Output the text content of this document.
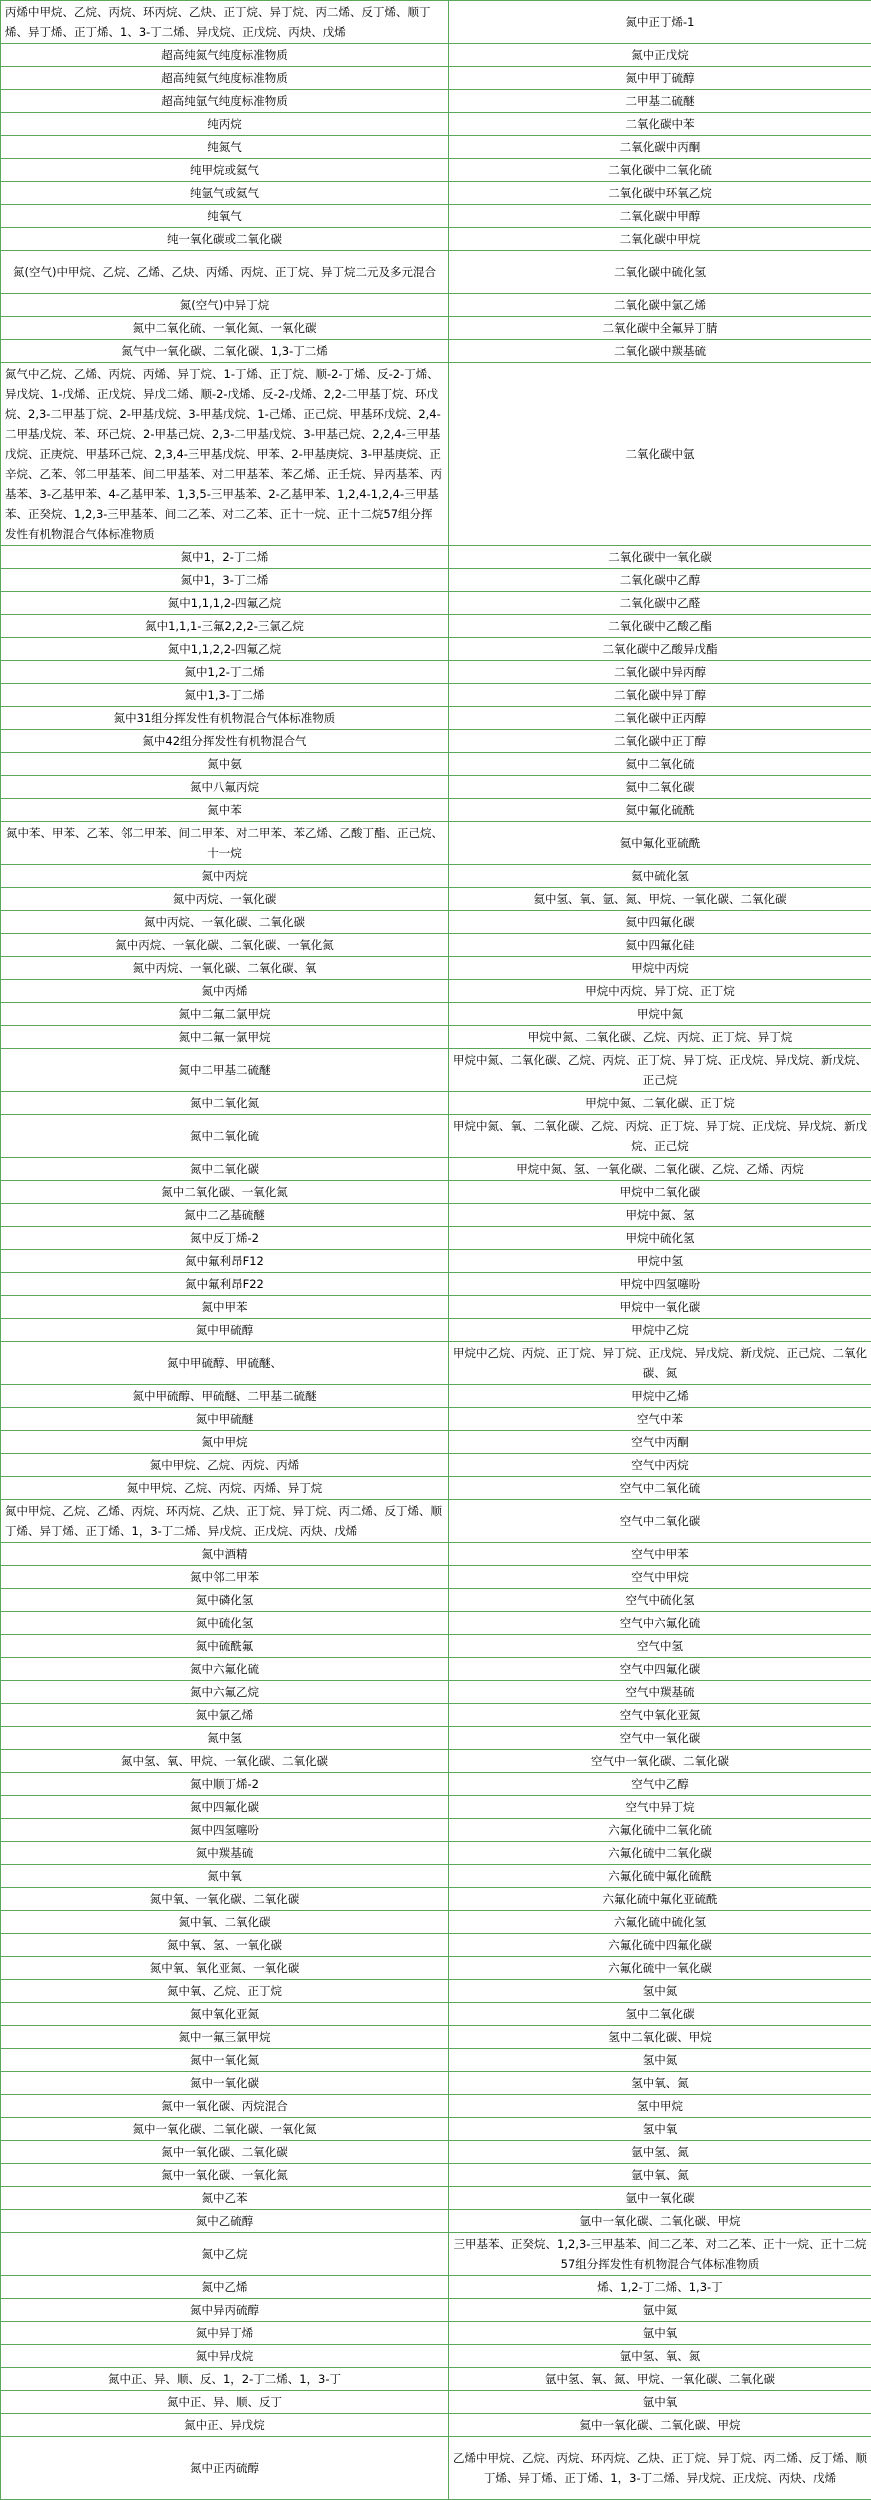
丙烯中甲烷、乙烷、丙烷、环丙烷、乙炔、正丁烷、异丁烷、丙二烯、反丁烯、顺丁烯、异丁烯、正丁烯、1、3-丁二烯、异戊烷、正戊烷、丙炔、戊烯	氮中正丁烯-1
超高纯氮气纯度标准物质	氮中正戊烷
超高纯氦气纯度标准物质	氮中甲丁硫醇
超高纯氩气纯度标准物质	二甲基二硫醚
纯丙烷	二氧化碳中苯
纯氮气	二氧化碳中丙酮
纯甲烷或氦气	二氧化碳中二氧化硫
纯氩气或氦气	二氧化碳中环氧乙烷
纯氧气	二氧化碳中甲醇
纯一氧化碳或二氧化碳	二氧化碳中甲烷
氮(空气)中甲烷、乙烷、乙烯、乙炔、丙烯、丙烷、正丁烷、异丁烷二元及多元混合	二氧化碳中硫化氢
氮(空气)中异丁烷	二氧化碳中氯乙烯
氮中二氧化硫、一氧化氮、一氧化碳	二氧化碳中全氟异丁腈
氮气中一氧化碳、二氧化碳、1,3-丁二烯	二氧化碳中羰基硫
氮气中乙烷、乙烯、丙烷、丙烯、异丁烷、1-丁烯、正丁烷、顺-2-丁烯、反-2-丁烯、异戊烷、1-戊烯、正戊烷、异戊二烯、顺-2-戊烯、反-2-戊烯、2,2-二甲基丁烷、环戊烷、2,3-二甲基丁烷、2-甲基戊烷、3-甲基戊烷、1-己烯、正己烷、甲基环戊烷、2,4-二甲基戊烷、苯、环己烷、2-甲基己烷、2,3-二甲基戊烷、3-甲基己烷、2,2,4-三甲基戊烷、正庚烷、甲基环己烷、2,3,4-三甲基戊烷、甲苯、2-甲基庚烷、3-甲基庚烷、正辛烷、乙苯、邻二甲基苯、间二甲基苯、对二甲基苯、苯乙烯、正壬烷、异丙基苯、丙基苯、3-乙基甲苯、4-乙基甲苯、1,3,5-三甲基苯、2-乙基甲苯、1,2,4-1,2,4-三甲基苯、正癸烷、1,2,3-三甲基苯、间二乙苯、对二乙苯、正十一烷、正十二烷57组分挥发性有机物混合气体标准物质	二氧化碳中氩
氮中1，2-丁二烯	二氧化碳中一氧化碳
氮中1，3-丁二烯	二氧化碳中乙醇
氮中1,1,1,2-四氟乙烷	二氧化碳中乙醛
氮中1,1,1-三氟2,2,2-三氯乙烷	二氧化碳中乙酸乙酯
氮中1,1,2,2-四氟乙烷	二氧化碳中乙酸异戊酯
氮中1,2-丁二烯	二氧化碳中异丙醇
氮中1,3-丁二烯	二氧化碳中异丁醇
氮中31组分挥发性有机物混合气体标准物质	二氧化碳中正丙醇
氮中42组分挥发性有机物混合气	二氧化碳中正丁醇
氮中氨	氦中二氧化硫
氮中八氟丙烷	氦中二氧化碳
氮中苯	氦中氟化硫酰
氮中苯、甲苯、乙苯、邻二甲苯、间二甲苯、对二甲苯、苯乙烯、乙酸丁酯、正己烷、十一烷	氦中氟化亚硫酰
氮中丙烷	氦中硫化氢
氮中丙烷、一氧化碳	氦中氢、氧、氩、氮、甲烷、一氧化碳、二氧化碳
氮中丙烷、一氧化碳、二氧化碳	氦中四氟化碳
氮中丙烷、一氧化碳、二氧化碳、一氧化氮	氦中四氟化硅
氮中丙烷、一氧化碳、二氧化碳、氧	甲烷中丙烷
氮中丙烯	甲烷中丙烷、异丁烷、正丁烷
氮中二氟二氯甲烷	甲烷中氮
氮中二氟一氯甲烷	甲烷中氮、二氧化碳、乙烷、丙烷、正丁烷、异丁烷
氮中二甲基二硫醚	甲烷中氮、二氧化碳、乙烷、丙烷、正丁烷、异丁烷、正戊烷、异戊烷、新戊烷、正己烷
氮中二氧化氮	甲烷中氮、二氧化碳、正丁烷
氮中二氧化硫	甲烷中氮、氧、二氧化碳、乙烷、丙烷、正丁烷、异丁烷、正戊烷、异戊烷、新戊烷、正己烷
氮中二氧化碳	甲烷中氮、氢、一氧化碳、二氧化碳、乙烷、乙烯、丙烷
氮中二氧化碳、一氧化氮	甲烷中二氧化碳
氮中二乙基硫醚	甲烷中氮、氢
氮中反丁烯-2	甲烷中硫化氢
氮中氟利昂F12	甲烷中氢
氮中氟利昂F22	甲烷中四氢噻吩
氮中甲苯	甲烷中一氧化碳
氮中甲硫醇	甲烷中乙烷
氮中甲硫醇、甲硫醚、	甲烷中乙烷、丙烷、正丁烷、异丁烷、正戊烷、异戊烷、新戊烷、正己烷、二氧化碳、氮
氮中甲硫醇、甲硫醚、二甲基二硫醚	甲烷中乙烯
氮中甲硫醚	空气中苯
氮中甲烷	空气中丙酮
氮中甲烷、乙烷、丙烷、丙烯	空气中丙烷
氮中甲烷、乙烷、丙烷、丙烯、异丁烷	空气中二氧化硫
氮中甲烷、乙烷、乙烯、丙烷、环丙烷、乙炔、正丁烷、异丁烷、丙二烯、反丁烯、顺丁烯、异丁烯、正丁烯、1，3-丁二烯、异戊烷、正戊烷、丙炔、戊烯	空气中二氧化碳
氮中酒精	空气中甲苯
氮中邻二甲苯	空气中甲烷
氮中磷化氢	空气中硫化氢
氮中硫化氢	空气中六氟化硫
氮中硫酰氟	空气中氢
氮中六氟化硫	空气中四氟化碳
氮中六氟乙烷	空气中羰基硫
氮中氯乙烯	空气中氧化亚氮
氮中氢	空气中一氧化碳
氮中氢、氧、甲烷、一氧化碳、二氧化碳	空气中一氧化碳、二氧化碳
氮中顺丁烯-2	空气中乙醇
氮中四氟化碳	空气中异丁烷
氮中四氢噻吩	六氟化硫中二氧化硫
氮中羰基硫	六氟化硫中二氧化碳
氮中氧	六氟化硫中氟化硫酰
氮中氧、一氧化碳、二氧化碳	六氟化硫中氟化亚硫酰
氮中氧、二氧化碳	六氟化硫中硫化氢
氮中氧、氢、一氧化碳	六氟化硫中四氟化碳
氮中氧、氧化亚氮、一氧化碳	六氟化硫中一氧化碳
氮中氧、乙烷、正丁烷	氢中氮
氮中氧化亚氮	氢中二氧化碳
氮中一氟三氯甲烷	氢中二氧化碳、甲烷
氮中一氧化氮	氢中氮
氮中一氧化碳	氢中氧、氮
氮中一氧化碳、丙烷混合	氢中甲烷
氮中一氧化碳、二氧化碳、一氧化氮	氢中氧
氮中一氧化碳、二氧化碳	氩中氢、氮
氮中一氧化碳、一氧化氮	氩中氧、氮
氮中乙苯	氩中一氧化碳
氮中乙硫醇	氩中一氧化碳、二氧化碳、甲烷
氮中乙烷	三甲基苯、正癸烷、1,2,3-三甲基苯、间二乙苯、对二乙苯、正十一烷、正十二烷57组分挥发性有机物混合气体标准物质
氮中乙烯	烯、1,2-丁二烯、1,3-丁
氮中异丙硫醇	氩中氮
氮中异丁烯	氩中氧
氮中异戊烷	氩中氢、氧、氮
氮中正、异、顺、反、1，2-丁二烯、1，3-丁	氩中氢、氧、氮、甲烷、一氧化碳、二氧化碳
氮中正、异、顺、反丁	氩中氧
氮中正、异戊烷	氦中一氧化碳、二氧化碳、甲烷
氮中正丙硫醇	乙烯中甲烷、乙烷、丙烷、环丙烷、乙炔、正丁烷、异丁烷、丙二烯、反丁烯、顺丁烯、异丁烯、正丁烯、1，3-丁二烯、异戊烷、正戊烷、丙炔、戊烯
